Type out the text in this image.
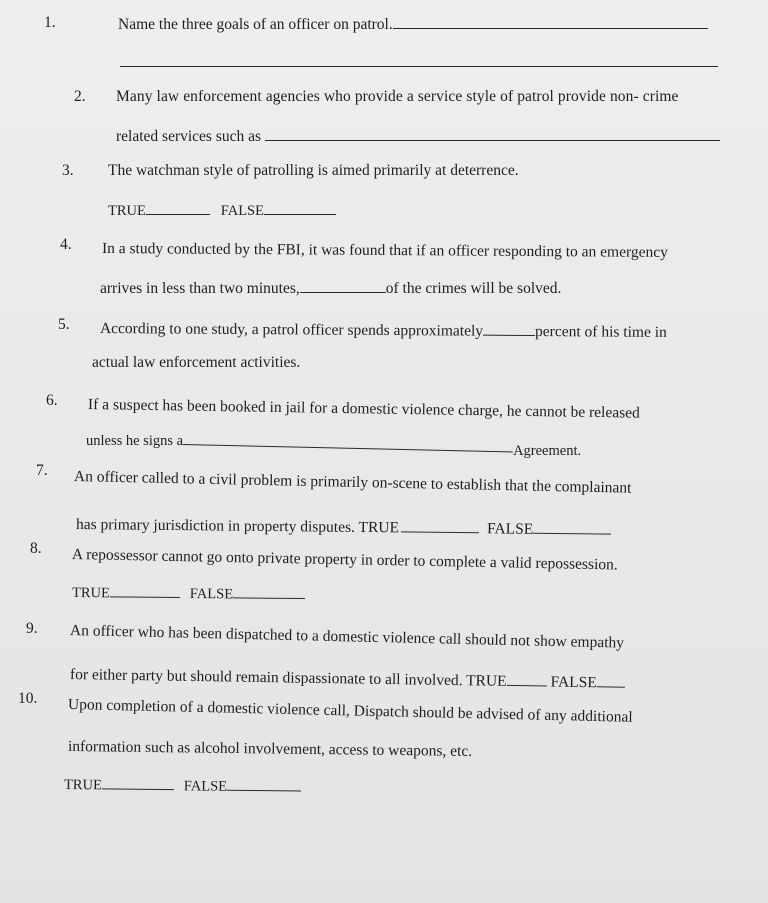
1.	Name the three goals of an officer on patrol.
2. Many law enforcement agencies who provide a service style of patrol provide non- crime
related services such as
3. The watchman style of patrolling is aimed primarily at deterrence.
TRUE	FALSE
4. In a study conducted by the FBI, it was found that if an officer responding to an emergency
arrives in less than two minutes,	of the crimes will be solved.
5. According to one study, a patrol officer spends approximately	percent of his time in
actual law enforcement activities.
6. If a suspect has been booked in jail for a domestic violence charge, he cannot be released
unless he signs aAgreement.
7. An officer called to a civil problem is primarily on-scene to establish that the complainant
has primary jurisdiction in property disputes. TRUE	FALSE
8. A repossessor cannot go onto private property in order to complete a valid repossession.
TRUE	FALSE
9. An officer who has been dispatched to a domestic violence call should not show empathy
for either party but should remain dispassionate to all involved. TRUE	FALSE
10. Upon completion of a domestic violence call, Dispatch should be advised of any additional
information such as alcohol involvement, access to weapons, etc.
TRUE	FALSE
